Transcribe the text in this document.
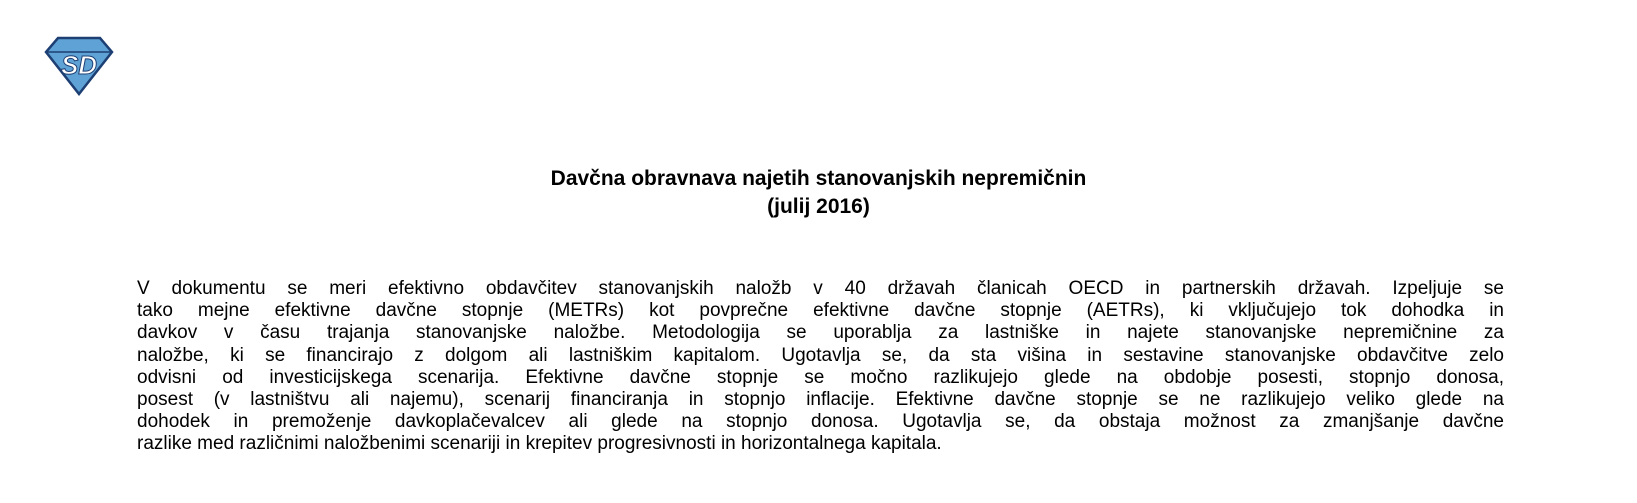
SD
Davčna obravnava najetih stanovanjskih nepremičnin
(julij 2016)
V dokumentu se meri efektivno obdavčitev stanovanjskih naložb v 40 državah članicah OECD in partnerskih državah. Izpeljuje se
tako mejne efektivne davčne stopnje (METRs) kot povprečne efektivne davčne stopnje (AETRs), ki vključujejo tok dohodka in
davkov v času trajanja stanovanjske naložbe. Metodologija se uporablja za lastniške in najete stanovanjske nepremičnine za
naložbe, ki se financirajo z dolgom ali lastniškim kapitalom. Ugotavlja se, da sta višina in sestavine stanovanjske obdavčitve zelo
odvisni od investicijskega scenarija. Efektivne davčne stopnje se močno razlikujejo glede na obdobje posesti, stopnjo donosa,
posest (v lastništvu ali najemu), scenarij financiranja in stopnjo inflacije. Efektivne davčne stopnje se ne razlikujejo veliko glede na
dohodek in premoženje davkoplačevalcev ali glede na stopnjo donosa. Ugotavlja se, da obstaja možnost za zmanjšanje davčne
razlike med različnimi naložbenimi scenariji in krepitev progresivnosti in horizontalnega kapitala.
